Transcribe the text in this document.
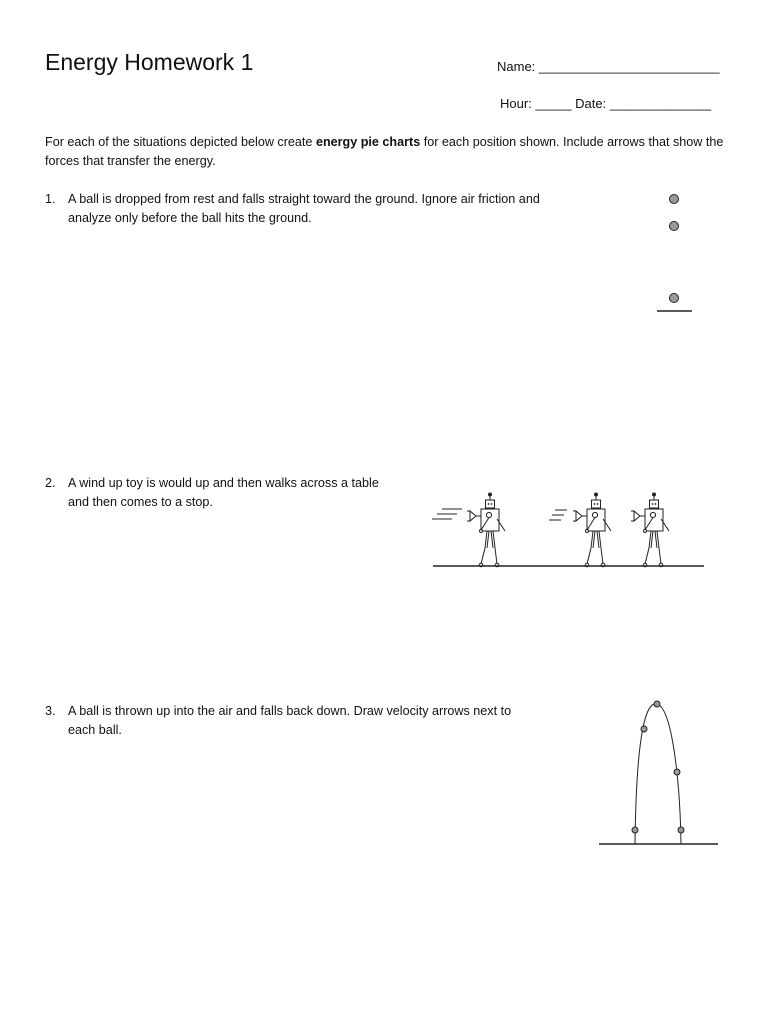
Energy Homework 1	Name: _________________________
Hour: _____ Date: ______________
For each of the situations depicted below create energy pie charts for each position shown. Include arrows that show the forces that transfer the energy.
1. A ball is dropped from rest and falls straight toward the ground. Ignore air friction and
analyze only before the ball hits the ground.
2. A wind up toy is would up and then walks across a table
and then comes to a stop.
3. A ball is thrown up into the air and falls back down. Draw velocity arrows next to
each ball.
